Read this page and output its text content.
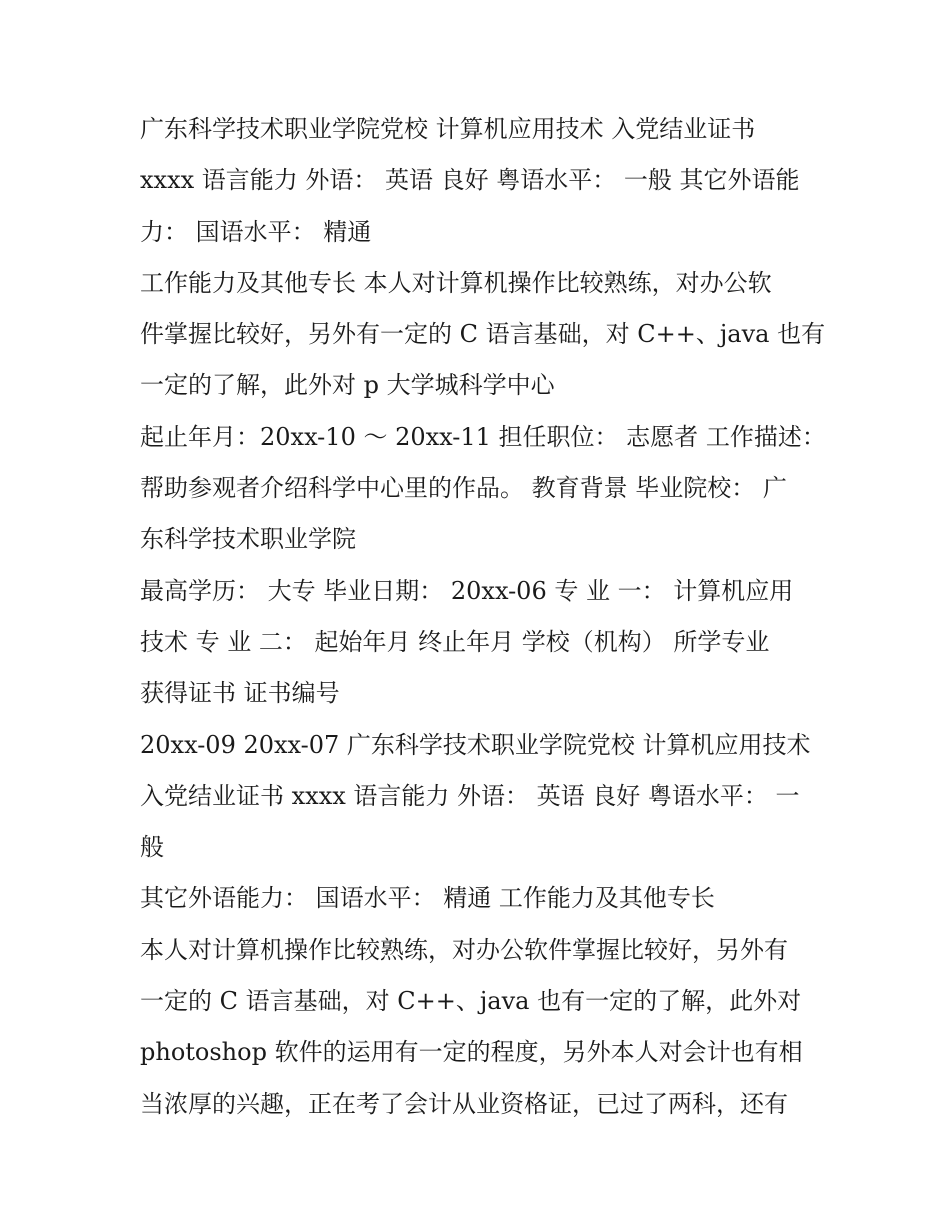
广东科学技术职业学院党校 计算机应用技术 入党结业证书
xxxx 语言能力 外语： 英语 良好 粤语水平： 一般 其它外语能
力： 国语水平： 精通
工作能力及其他专长 本人对计算机操作比较熟练，对办公软
件掌握比较好，另外有一定的 C 语言基础，对 C++、java 也有
一定的了解，此外对 p 大学城科学中心
起止年月：20xx-10 ～ 20xx-11 担任职位： 志愿者 工作描述：
帮助参观者介绍科学中心里的作品。 教育背景 毕业院校： 广
东科学技术职业学院
最高学历： 大专 毕业日期： 20xx-06 专 业 一： 计算机应用
技术 专 业 二： 起始年月 终止年月 学校（机构） 所学专业
获得证书 证书编号
20xx-09 20xx-07 广东科学技术职业学院党校 计算机应用技术
入党结业证书 xxxx 语言能力 外语： 英语 良好 粤语水平： 一
般
其它外语能力： 国语水平： 精通 工作能力及其他专长
本人对计算机操作比较熟练，对办公软件掌握比较好，另外有
一定的 C 语言基础，对 C++、java 也有一定的了解，此外对
photoshop 软件的运用有一定的程度，另外本人对会计也有相
当浓厚的兴趣，正在考了会计从业资格证，已过了两科，还有
